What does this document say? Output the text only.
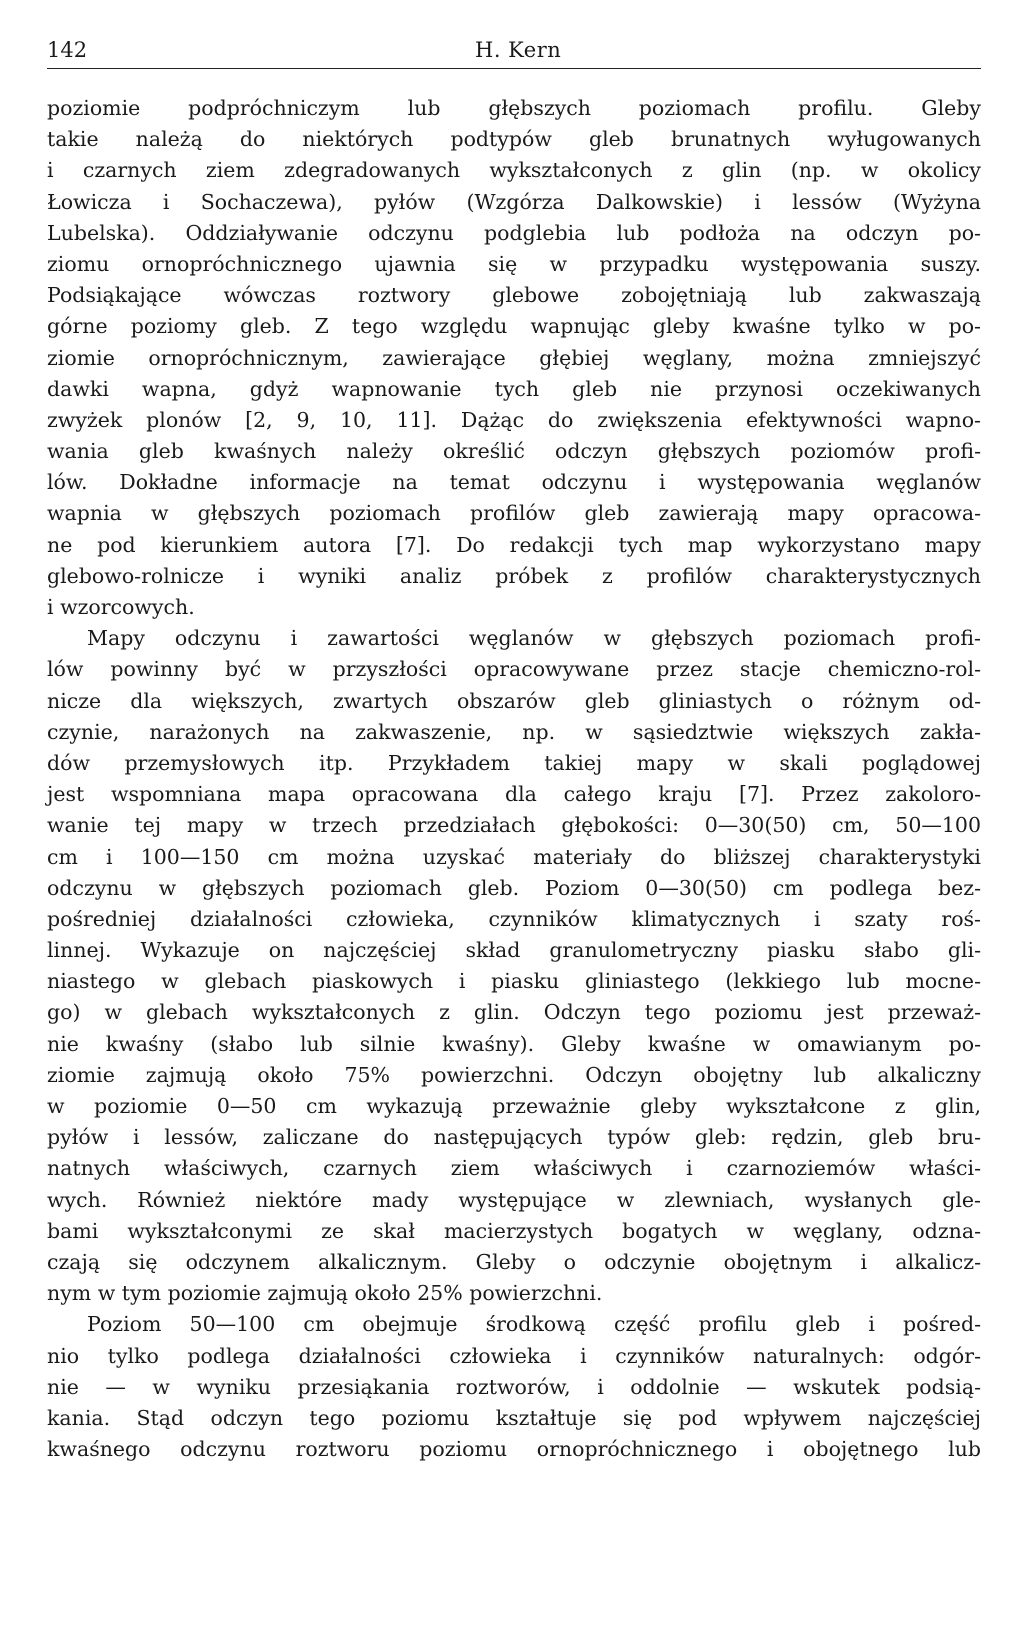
142	H. Kern
poziomie podpróchniczym lub głębszych poziomach profilu. Gleby
takie należą do niektórych podtypów gleb brunatnych wyługowanych
i czarnych ziem zdegradowanych wykształconych z glin (np. w okolicy
Łowicza i Sochaczewa), pyłów (Wzgórza Dalkowskie) i lessów (Wyżyna
Lubelska). Oddziaływanie odczynu podglebia lub podłoża na odczyn po-
ziomu ornopróchnicznego ujawnia się w przypadku występowania suszy.
Podsiąkające wówczas roztwory glebowe zobojętniają lub zakwaszają
górne poziomy gleb. Z tego względu wapnując gleby kwaśne tylko w po-
ziomie ornopróchnicznym, zawierające głębiej węglany, można zmniejszyć
dawki wapna, gdyż wapnowanie tych gleb nie przynosi oczekiwanych
zwyżek plonów [2, 9, 10, 11]. Dążąc do zwiększenia efektywności wapno-
wania gleb kwaśnych należy określić odczyn głębszych poziomów profi-
lów. Dokładne informacje na temat odczynu i występowania węglanów
wapnia w głębszych poziomach profilów gleb zawierają mapy opracowa-
ne pod kierunkiem autora [7]. Do redakcji tych map wykorzystano mapy
glebowo-rolnicze i wyniki analiz próbek z profilów charakterystycznych
i wzorcowych.
Mapy odczynu i zawartości węglanów w głębszych poziomach profi-
lów powinny być w przyszłości opracowywane przez stacje chemiczno-rol-
nicze dla większych, zwartych obszarów gleb gliniastych o różnym od-
czynie, narażonych na zakwaszenie, np. w sąsiedztwie większych zakła-
dów przemysłowych itp. Przykładem takiej mapy w skali poglądowej
jest wspomniana mapa opracowana dla całego kraju [7]. Przez zakoloro-
wanie tej mapy w trzech przedziałach głębokości: 0—30(50) cm, 50—100
cm i 100—150 cm można uzyskać materiały do bliższej charakterystyki
odczynu w głębszych poziomach gleb. Poziom 0—30(50) cm podlega bez-
pośredniej działalności człowieka, czynników klimatycznych i szaty roś-
linnej. Wykazuje on najczęściej skład granulometryczny piasku słabo gli-
niastego w glebach piaskowych i piasku gliniastego (lekkiego lub mocne-
go) w glebach wykształconych z glin. Odczyn tego poziomu jest przeważ-
nie kwaśny (słabo lub silnie kwaśny). Gleby kwaśne w omawianym po-
ziomie zajmują około 75% powierzchni. Odczyn obojętny lub alkaliczny
w poziomie 0—50 cm wykazują przeważnie gleby wykształcone z glin,
pyłów i lessów, zaliczane do następujących typów gleb: rędzin, gleb bru-
natnych właściwych, czarnych ziem właściwych i czarnoziemów właści-
wych. Również niektóre mady występujące w zlewniach, wysłanych gle-
bami wykształconymi ze skał macierzystych bogatych w węglany, odzna-
czają się odczynem alkalicznym. Gleby o odczynie obojętnym i alkalicz-
nym w tym poziomie zajmują około 25% powierzchni.
Poziom 50—100 cm obejmuje środkową część profilu gleb i pośred-
nio tylko podlega działalności człowieka i czynników naturalnych: odgór-
nie — w wyniku przesiąkania roztworów, i oddolnie — wskutek podsią-
kania. Stąd odczyn tego poziomu kształtuje się pod wpływem najczęściej
kwaśnego odczynu roztworu poziomu ornopróchnicznego i obojętnego lub
